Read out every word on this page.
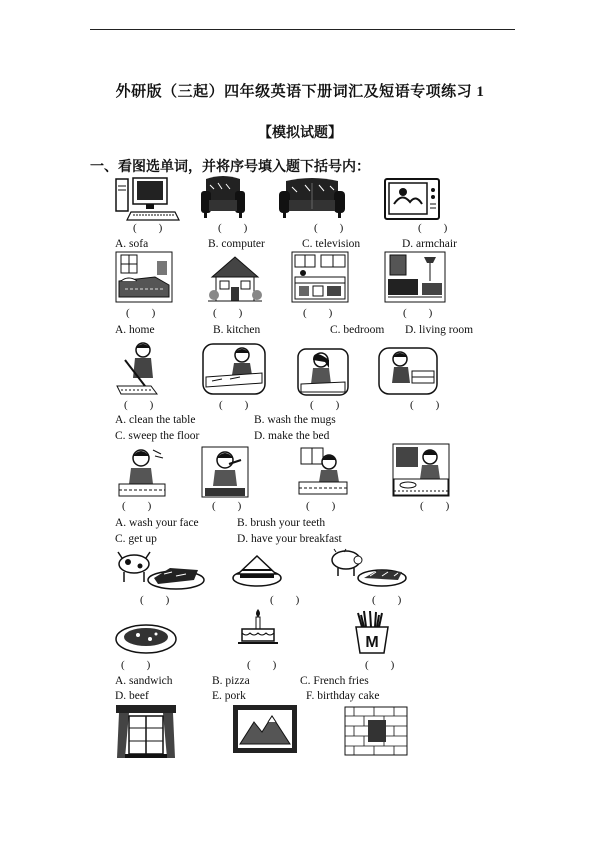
外研版（三起）四年级英语下册词汇及短语专项练习 1
【模拟试题】
一、看图选单词，并将序号填入题下括号内：
(        )	(        )	(        )	(        )
A. sofa	B. computer	C. television	D. armchair
(        )	(        )	(        )	(        )
A. home	B. kitchen	C. bedroom D. living room
(        )	(        )	(        )	(        )
A. clean the table	B. wash the mugs
C. sweep the floor	D. make the bed
(        )	(        )	(        )	(        )
A. wash your face	B. brush your teeth
C. get up	D. have your breakfast
(        )	(        )	(        )
M
(        )	(        )	(        )
A. sandwich	B. pizza	C. French fries
D. beef	E. pork	F. birthday cake
